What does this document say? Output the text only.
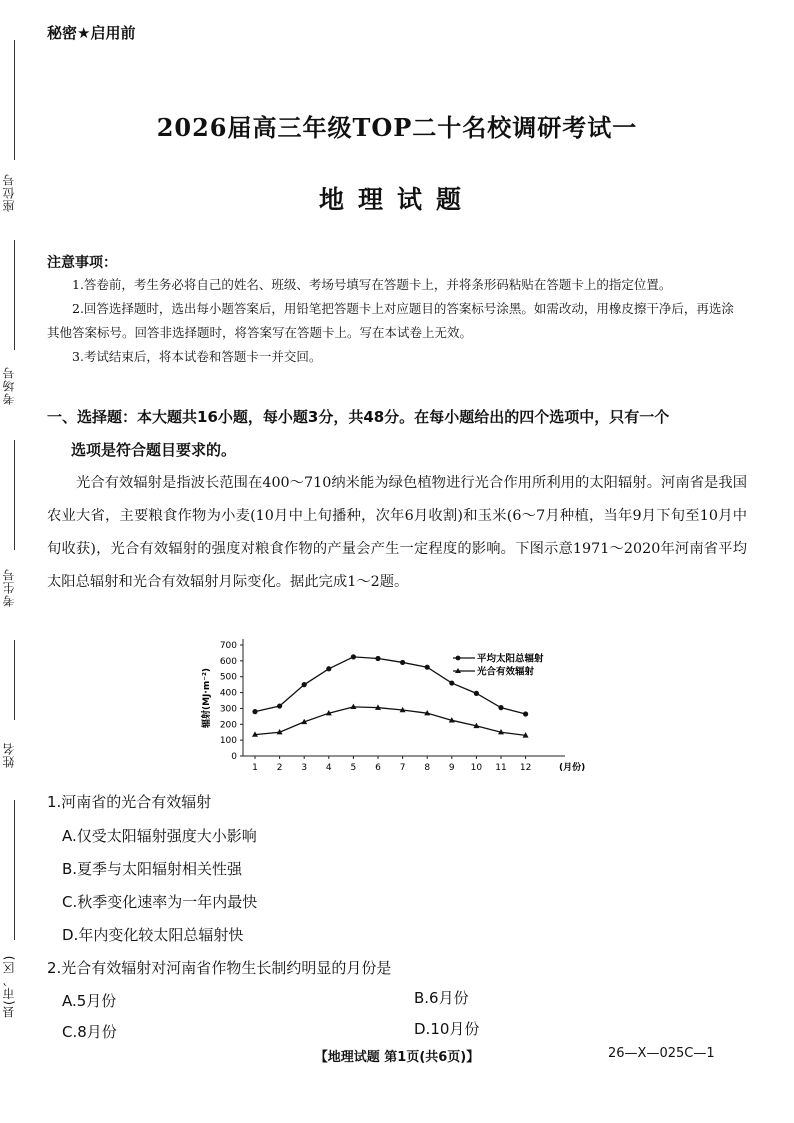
座位号
考场号
考生号
姓名
县(市、区)
秘密★启用前
2026届高三年级TOP二十名校调研考试一
地理试题
注意事项：

1.答卷前，考生务必将自己的姓名、班级、考场号填写在答题卡上，并将条形码粘贴在答题卡上的指定位置。

2.回答选择题时，选出每小题答案后，用铅笔把答题卡上对应题目的答案标号涂黑。如需改动，用橡皮擦干净后，再选涂其他答案标号。回答非选择题时，将答案写在答题卡上。写在本试卷上无效。

3.考试结束后，将本试卷和答题卡一并交回。

一、选择题：本大题共16小题，每小题3分，共48分。在每小题给出的四个选项中，只有一个
选项是符合题目要求的。

光合有效辐射是指波长范围在400～710纳米能为绿色植物进行光合作用所利用的太阳辐射。河南省是我国农业大省，主要粮食作物为小麦(10月中上旬播种，次年6月收割)和玉米(6～7月种植，当年9月下旬至10月中旬收获)，光合有效辐射的强度对粮食作物的产量会产生一定程度的影响。下图示意1971～2020年河南省平均太阳总辐射和光合有效辐射月际变化。据此完成1～2题。

辐射(MJ·m⁻²)
(月份)
0
100
200
300
400
500
600
700
1 2 3 4 5 6 7 8 9 10 11 12
平均太阳总辐射
光合有效辐射
1.河南省的光合有效辐射
A.仅受太阳辐射强度大小影响
B.夏季与太阳辐射相关性强
C.秋季变化速率为一年内最快
D.年内变化较太阳总辐射快
2.光合有效辐射对河南省作物生长制约明显的月份是
A.5月份	B.6月份
C.8月份	D.10月份
【地理试题 第1页(共6页)】	26—X—025C—1
